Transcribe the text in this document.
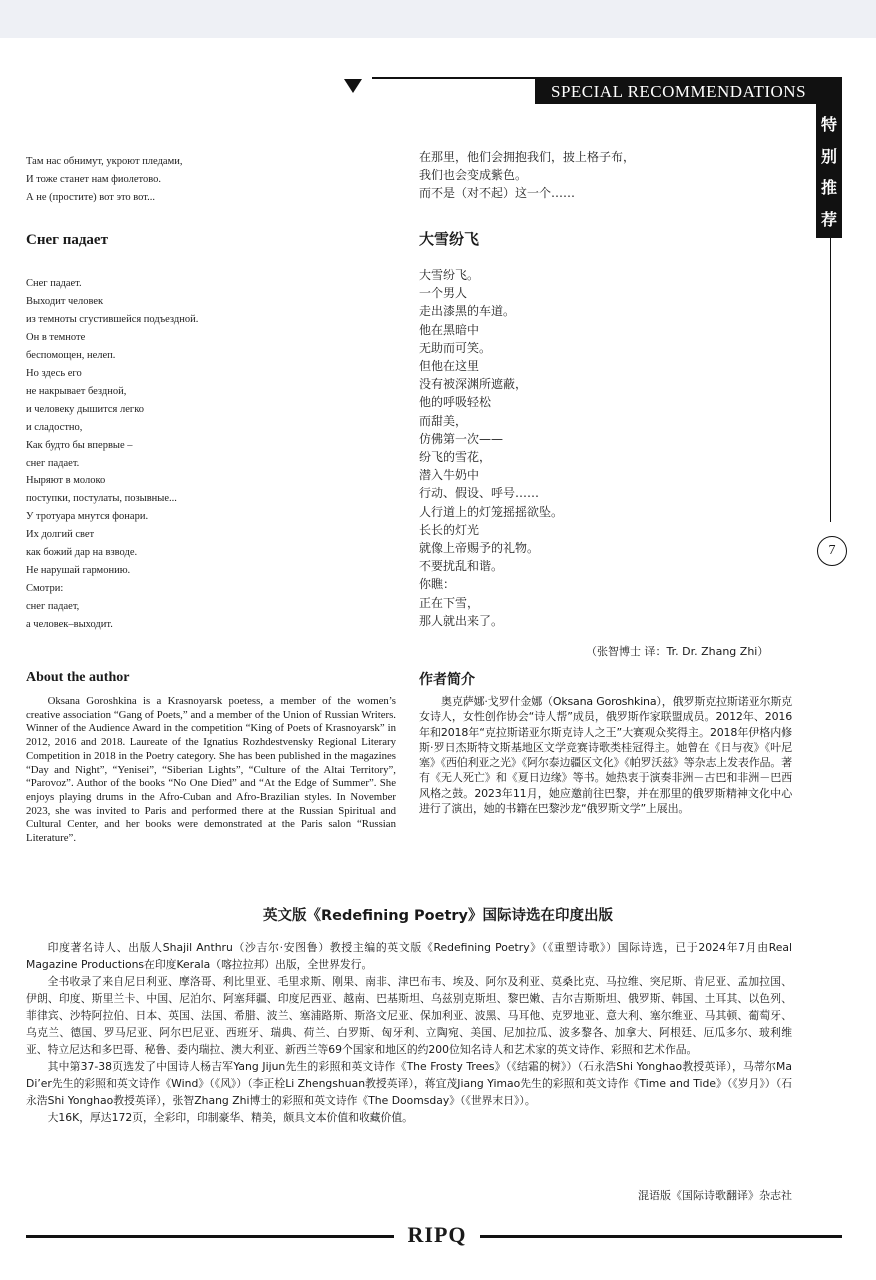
SPECIAL RECOMMENDATIONS
特
别
推
荐
7
Там нас обнимут, укроют пледами,
И тоже станет нам фиолетово.
А не (простите) вот это вот...
在那里，他们会拥抱我们，披上格子布，
我们也会变成紫色。
而不是（对不起）这一个……
Снег падает	大雪纷飞
Снег падает.
Выходит человек
из темноты сгустившейся подъездной.
Он в темноте
беспомощен, нелеп.
Но здесь его
не накрывает бездной,
и человеку дышится легко
и сладостно,
Как будто бы впервые –
снег падает.
Ныряют в молоко
поступки, постулаты, позывные...
У тротуара мнутся фонари.
Их долгий свет
как божий дар на взводе.
Не нарушай гармонию.
Смотри:
снег падает,
а человек–выходит.
大雪纷飞。
一个男人
走出漆黑的车道。
他在黑暗中
无助而可笑。
但他在这里
没有被深渊所遮蔽，
他的呼吸轻松
而甜美，
仿佛第一次——
纷飞的雪花，
潜入牛奶中
行动、假设、呼号……
人行道上的灯笼摇摇欲坠。
长长的灯光
就像上帝赐予的礼物。
不要扰乱和谐。
你瞧：
正在下雪，
那人就出来了。
（张智博士 译：Tr. Dr. Zhang Zhi）
About the author

Oksana Goroshkina is a Krasnoyarsk poetess, a member of the women’s creative association “Gang of Poets,” and a member of the Union of Russian Writers. Winner of the Audience Award in the competition “King of Poets of Krasnoyarsk” in 2012, 2016 and 2018. Laureate of the Ignatius Rozhdestvensky Regional Literary Competition in 2018 in the Poetry category. She has been published in the magazines “Day and Night”, “Yenisei”, “Siberian Lights”, “Culture of the Altai Territory”, “Parovoz”. Author of the books “No One Died” and “At the Edge of Summer”. She enjoys playing drums in the Afro-Cuban and Afro-Brazilian styles. In November 2023, she was invited to Paris and performed there at the Russian Spiritual and Cultural Center, and her books were demonstrated at the Paris salon “Russian Literature”.

作者简介

奥克萨娜·戈罗什金娜（Oksana Goroshkina），俄罗斯克拉斯诺亚尔斯克女诗人，女性创作协会“诗人帮”成员，俄罗斯作家联盟成员。2012年、2016年和2018年“克拉斯诺亚尔斯克诗人之王”大赛观众奖得主。2018年伊格内修斯·罗日杰斯特文斯基地区文学竞赛诗歌类桂冠得主。她曾在《日与夜》《叶尼塞》《西伯利亚之光》《阿尔泰边疆区文化》《帕罗沃兹》等杂志上发表作品。著有《无人死亡》和《夏日边缘》等书。她热衷于演奏非洲－古巴和非洲－巴西风格之鼓。2023年11月，她应邀前往巴黎，并在那里的俄罗斯精神文化中心进行了演出，她的书籍在巴黎沙龙“俄罗斯文学”上展出。

英文版《Redefining Poetry》国际诗选在印度出版

印度著名诗人、出版人Shajil Anthru（沙吉尔·安图鲁）教授主编的英文版《Redefining Poetry》（《重塑诗歌》）国际诗选，已于2024年7月由Real Magazine Productions在印度Kerala（喀拉拉邦）出版，全世界发行。

全书收录了来自尼日利亚、摩洛哥、利比里亚、毛里求斯、刚果、南非、津巴布韦、埃及、阿尔及利亚、莫桑比克、马拉维、突尼斯、肯尼亚、孟加拉国、伊朗、印度、斯里兰卡、中国、尼泊尔、阿塞拜疆、印度尼西亚、越南、巴基斯坦、乌兹别克斯坦、黎巴嫩、吉尔吉斯斯坦、俄罗斯、韩国、土耳其、以色列、菲律宾、沙特阿拉伯、日本、英国、法国、希腊、波兰、塞浦路斯、斯洛文尼亚、保加利亚、波黑、马耳他、克罗地亚、意大利、塞尔维亚、马其顿、葡萄牙、乌克兰、德国、罗马尼亚、阿尔巴尼亚、西班牙、瑞典、荷兰、白罗斯、匈牙利、立陶宛、美国、尼加拉瓜、波多黎各、加拿大、阿根廷、厄瓜多尔、玻利维亚、特立尼达和多巴哥、秘鲁、委内瑞拉、澳大利亚、新西兰等69个国家和地区的约200位知名诗人和艺术家的英文诗作、彩照和艺术作品。

其中第37-38页选发了中国诗人杨吉军Yang Jijun先生的彩照和英文诗作《The Frosty Trees》（《结霜的树》）（石永浩Shi Yonghao教授英译），马蒂尔Ma Di’er先生的彩照和英文诗作《Wind》（《风》）（李正栓Li Zhengshuan教授英译），蒋宜茂Jiang Yimao先生的彩照和英文诗作《Time and Tide》（《岁月》）（石永浩Shi Yonghao教授英译），张智Zhang Zhi博士的彩照和英文诗作《The Doomsday》（《世界末日》）。

大16K，厚达172页，全彩印，印制豪华、精美，颇具文本价值和收藏价值。

混语版《国际诗歌翻译》杂志社
RIPQ
